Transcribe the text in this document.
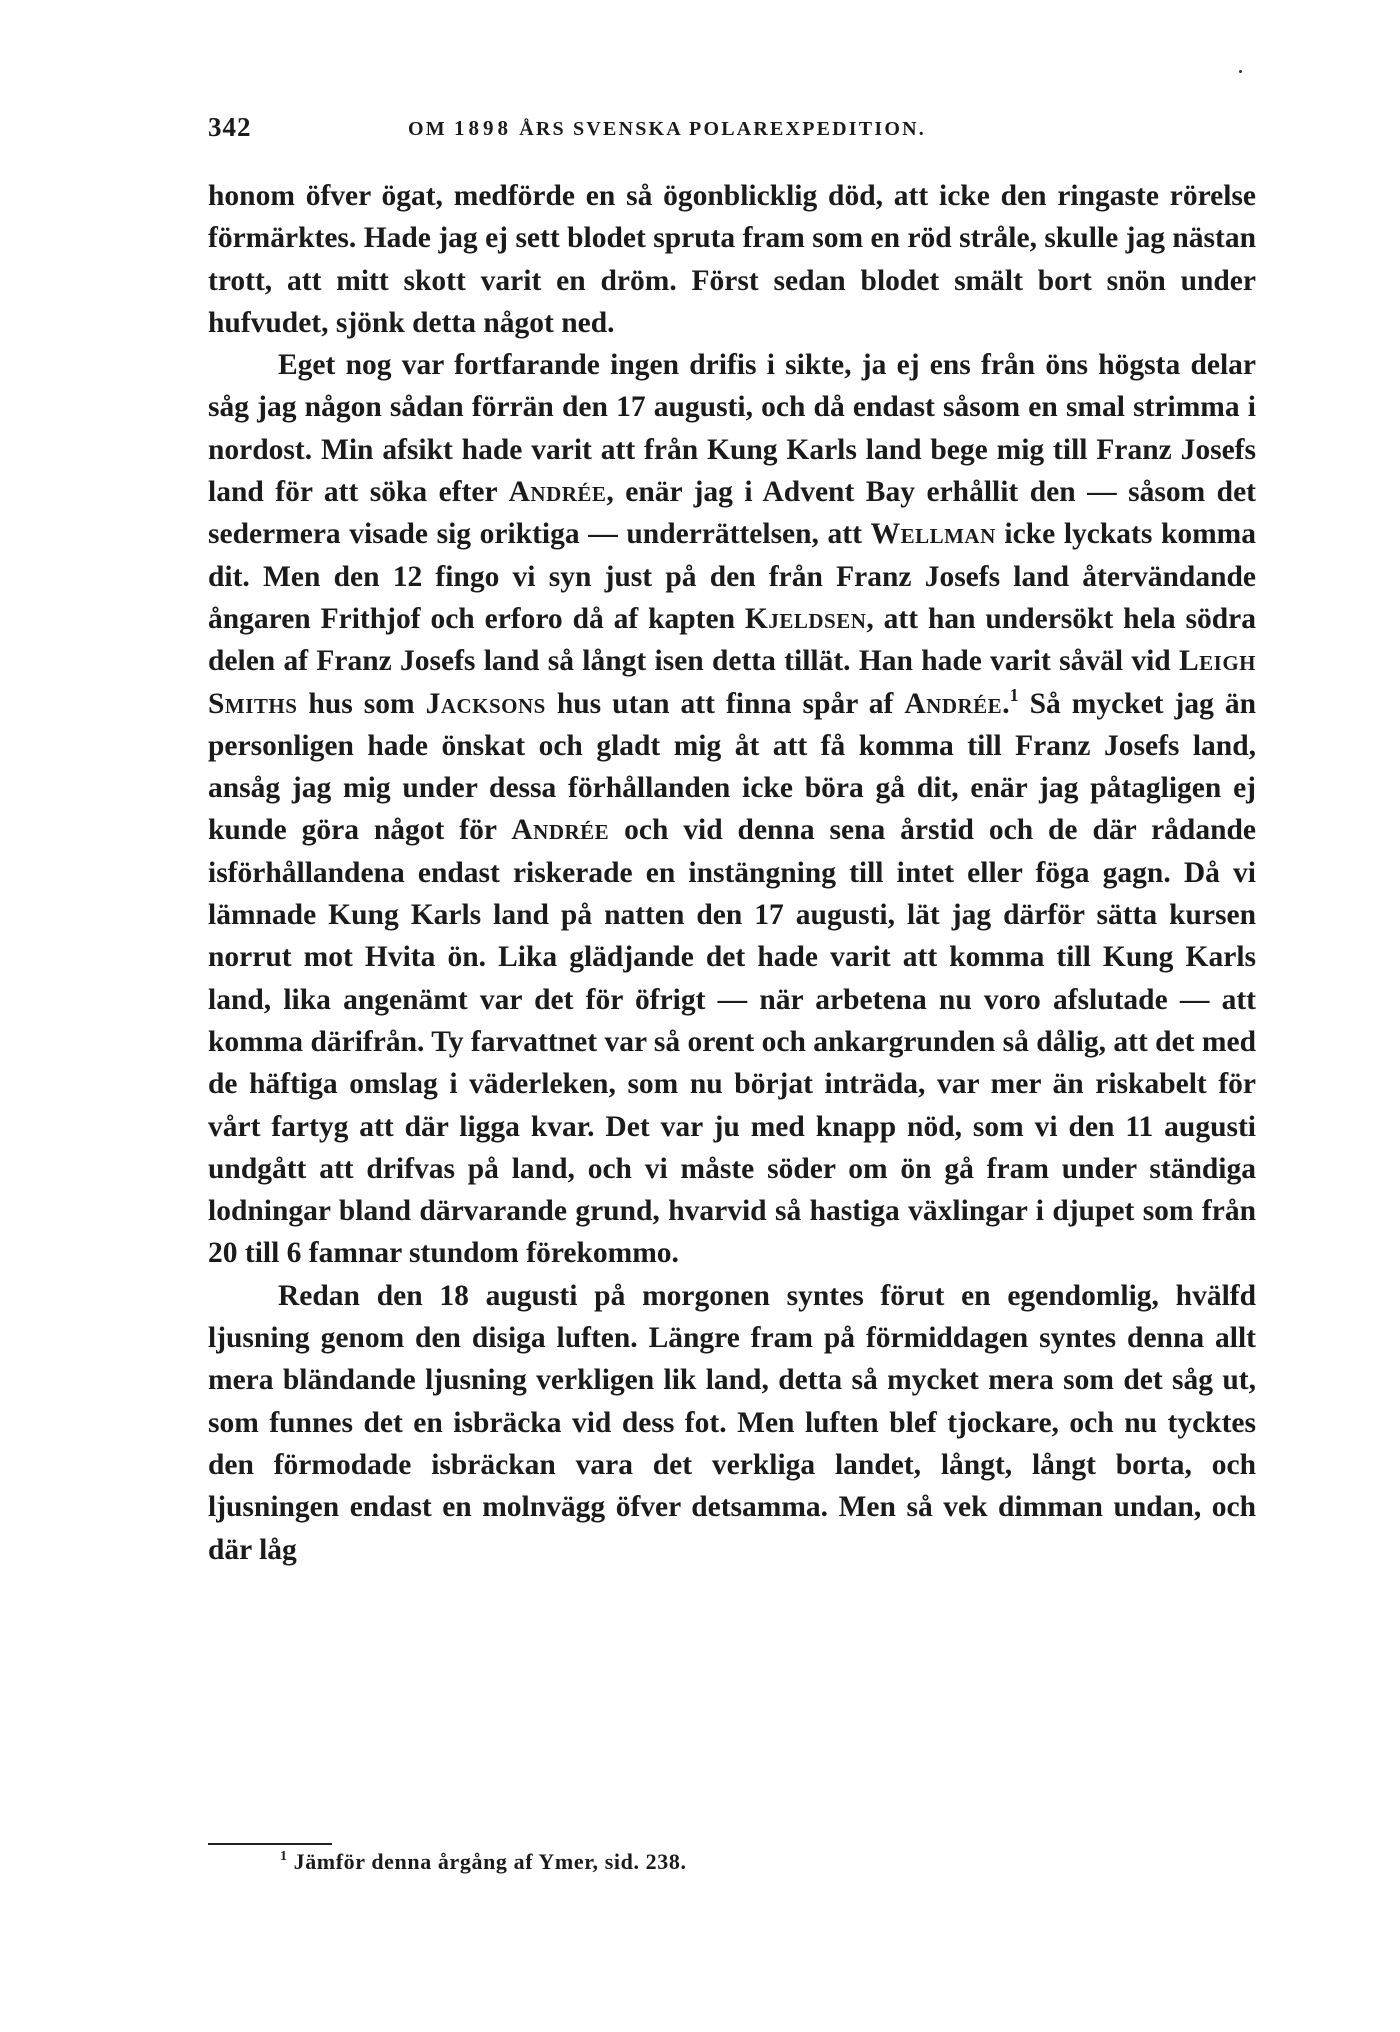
342	OM 1898 ÅRS SVENSKA POLAREXPEDITION.

honom öfver ögat, medförde en så ögonblicklig död, att icke den ringaste rörelse förmärktes. Hade jag ej sett blodet spruta fram som en röd stråle, skulle jag nästan trott, att mitt skott varit en dröm. Först sedan blodet smält bort snön under hufvudet, sjönk detta något ned.

Eget nog var fortfarande ingen drifis i sikte, ja ej ens från öns högsta delar såg jag någon sådan förrän den 17 augusti, och då endast såsom en smal strimma i nordost. Min afsikt hade varit att från Kung Karls land bege mig till Franz Josefs land för att söka efter Andrée, enär jag i Advent Bay erhållit den — såsom det sedermera visade sig oriktiga — underrättelsen, att Wellman icke lyckats komma dit. Men den 12 fingo vi syn just på den från Franz Josefs land återvändande ångaren Frithjof och erforo då af kapten Kjeldsen, att han undersökt hela södra delen af Franz Josefs land så långt isen detta tillät. Han hade varit såväl vid Leigh Smiths hus som Jacksons hus utan att finna spår af Andrée.$^1$ Så mycket jag än personligen hade önskat och gladt mig åt att få komma till Franz Josefs land, ansåg jag mig under dessa förhållanden icke böra gå dit, enär jag påtagligen ej kunde göra något för Andrée och vid denna sena årstid och de där rådande isförhållandena endast riskerade en instängning till intet eller föga gagn. Då vi lämnade Kung Karls land på natten den 17 augusti, lät jag därför sätta kursen norrut mot Hvita ön. Lika glädjande det hade varit att komma till Kung Karls land, lika angenämt var det för öfrigt — när arbetena nu voro afslutade — att komma därifrån. Ty farvattnet var så orent och ankargrunden så dålig, att det med de häftiga omslag i väderleken, som nu börjat inträda, var mer än riskabelt för vårt fartyg att där ligga kvar. Det var ju med knapp nöd, som vi den 11 augusti undgått att drifvas på land, och vi måste söder om ön gå fram under ständiga lodningar bland därvarande grund, hvarvid så hastiga växlingar i djupet som från 20 till 6 famnar stundom förekommo.

Redan den 18 augusti på morgonen syntes förut en egendomlig, hvälfd ljusning genom den disiga luften. Längre fram på förmiddagen syntes denna allt mera bländande ljusning verkligen lik land, detta så mycket mera som det såg ut, som funnes det en isbräcka vid dess fot. Men luften blef tjockare, och nu tycktes den förmodade isbräckan vara det verkliga landet, långt, långt borta, och ljusningen endast en molnvägg öfver detsamma. Men så vek dimman undan, och där låg

$^1$ Jämför denna årgång af Ymer, sid. 238.
